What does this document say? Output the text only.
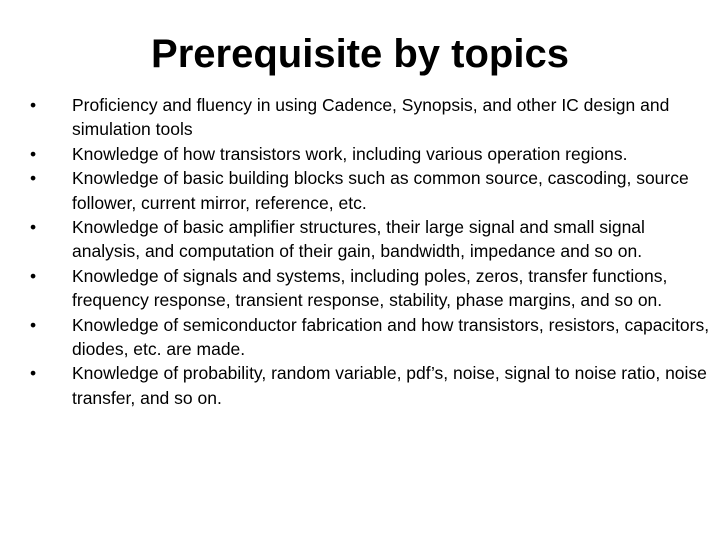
Prerequisite by topics
•	Proficiency and fluency in using Cadence, Synopsis, and other IC design and simulation tools
•	Knowledge of how transistors work, including various operation regions.
•	Knowledge of basic building blocks such as common source, cascoding, source follower, current mirror, reference, etc.
•	Knowledge of basic amplifier structures, their large signal and small signal analysis, and computation of their gain, bandwidth, impedance and so on.
•	Knowledge of signals and systems, including poles, zeros, transfer functions, frequency response, transient response, stability, phase margins, and so on.
•	Knowledge of semiconductor fabrication and how transistors, resistors, capacitors, diodes, etc. are made.
•	Knowledge of probability, random variable, pdf’s, noise, signal to noise ratio, noise transfer, and so on.
